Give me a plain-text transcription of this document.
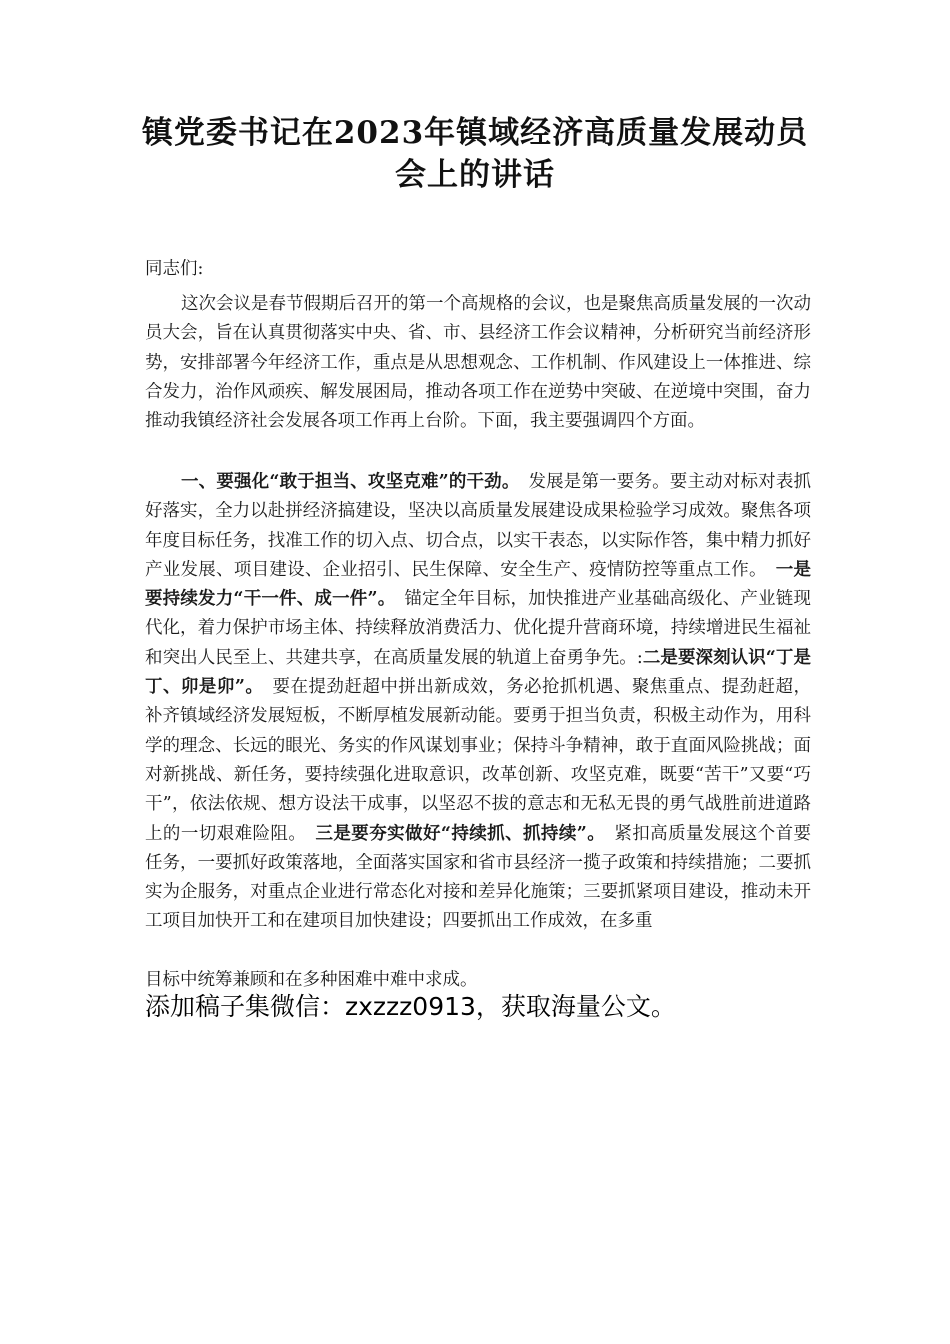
镇党委书记在2023年镇域经济高质量发展动员
会上的讲话
同志们:
这次会议是春节假期后召开的第一个高规格的会议，也是聚焦高质量发展的一次动员大会，旨在认真贯彻落实中央、省、市、县经济工作会议精神，分析研究当前经济形势，安排部署今年经济工作，重点是从思想观念、工作机制、作风建设上一体推进、综合发力，治作风顽疾、解发展困局，推动各项工作在逆势中突破、在逆境中突围，奋力推动我镇经济社会发展各项工作再上台阶。下面，我主要强调四个方面。
一、要强化“敢于担当、攻坚克难”的干劲。　发展是第一要务。要主动对标对表抓好落实，全力以赴拼经济搞建设，坚决以高质量发展建设成果检验学习成效。聚焦各项年度目标任务，找准工作的切入点、切合点，以实干表态，以实际作答，集中精力抓好产业发展、项目建设、企业招引、民生保障、安全生产、疫情防控等重点工作。　一是要持续发力“干一件、成一件”。　锚定全年目标，加快推进产业基础高级化、产业链现代化，着力保护市场主体、持续释放消费活力、优化提升营商环境，持续增进民生福祉和突出人民至上、共建共享，在高质量发展的轨道上奋勇争先。:二是要深刻认识“丁是丁、卯是卯”。　要在提劲赶超中拼出新成效，务必抢抓机遇、聚焦重点、提劲赶超，补齐镇域经济发展短板，不断厚植发展新动能。要勇于担当负责，积极主动作为，用科学的理念、长远的眼光、务实的作风谋划事业；保持斗争精神，敢于直面风险挑战；面对新挑战、新任务，要持续强化进取意识，改革创新、攻坚克难，既要“苦干”又要“巧干”，依法依规、想方设法干成事，以坚忍不拔的意志和无私无畏的勇气战胜前进道路上的一切艰难险阻。　三是要夯实做好“持续抓、抓持续”。　紧扣高质量发展这个首要任务，一要抓好政策落地，全面落实国家和省市县经济一揽子政策和持续措施；二要抓实为企服务，对重点企业进行常态化对接和差异化施策；三要抓紧项目建设，推动未开工项目加快开工和在建项目加快建设；四要抓出工作成效，在多重
目标中统筹兼顾和在多种困难中难中求成。
添加稿子集微信：zxzzz0913，获取海量公文。
